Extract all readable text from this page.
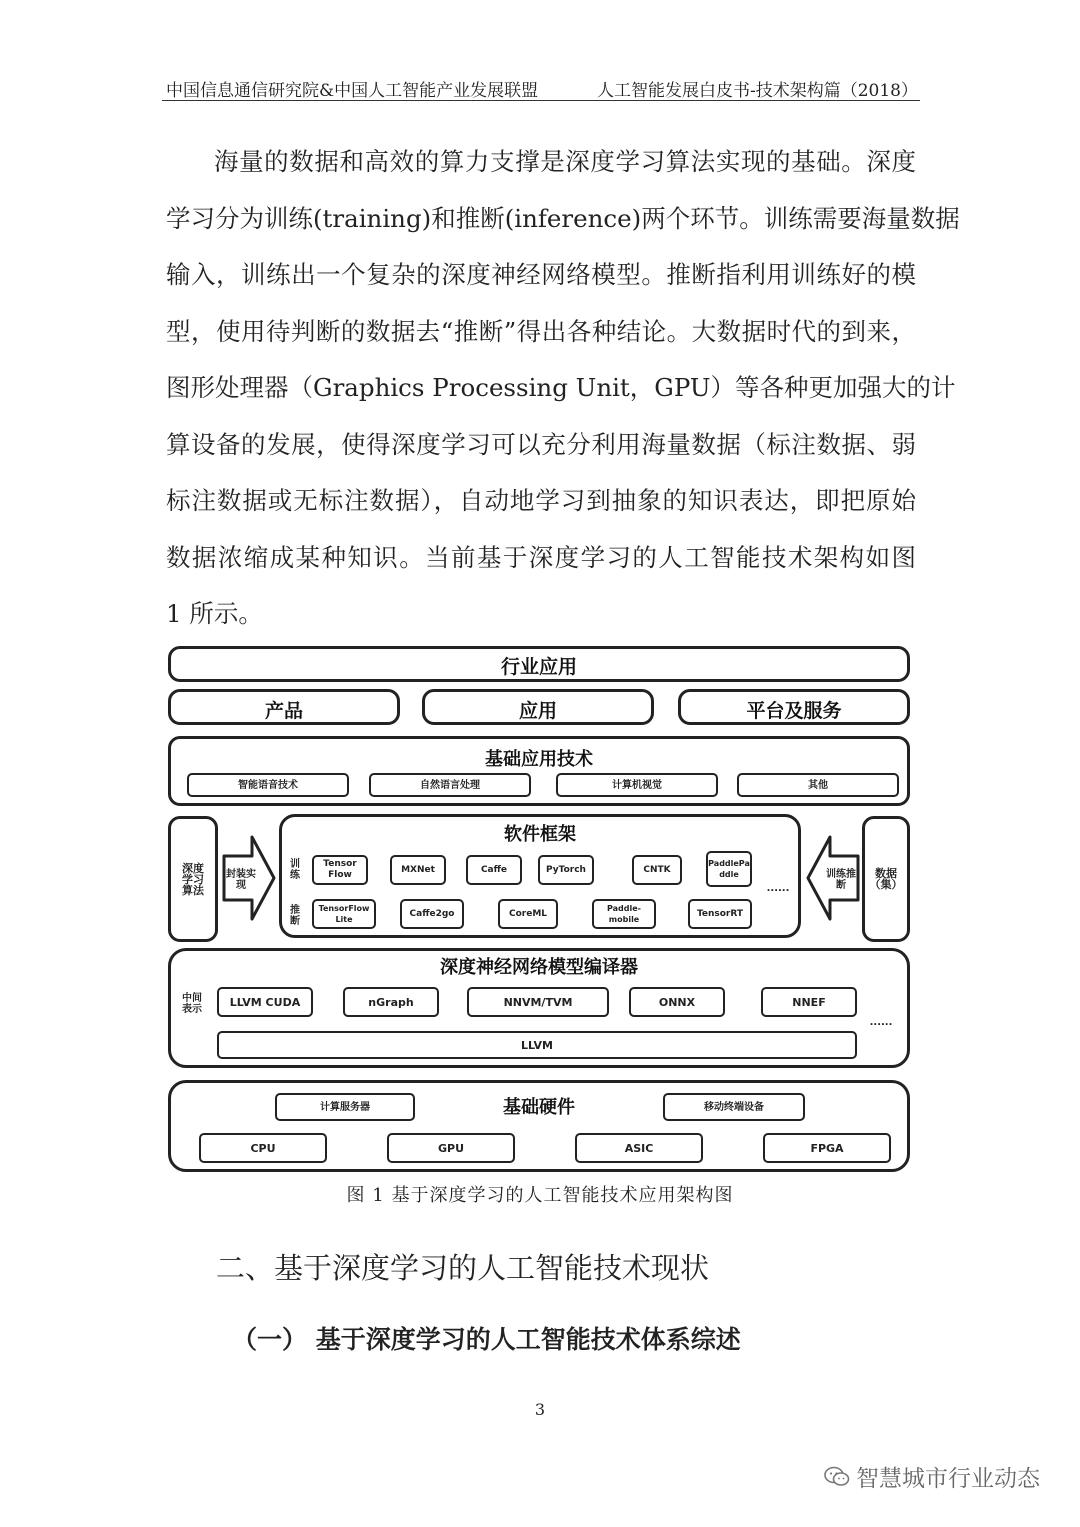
中国信息通信研究院&中国人工智能产业发展联盟	人工智能发展白皮书-技术架构篇（2018）

海量的数据和高效的算力支撑是深度学习算法实现的基础。深度

学习分为训练(training)和推断(inference)两个环节。训练需要海量数据

输入，训练出一个复杂的深度神经网络模型。推断指利用训练好的模

型，使用待判断的数据去“推断”得出各种结论。大数据时代的到来，

图形处理器（Graphics Processing Unit，GPU）等各种更加强大的计

算设备的发展，使得深度学习可以充分利用海量数据（标注数据、弱

标注数据或无标注数据），自动地学习到抽象的知识表达，即把原始

数据浓缩成某种知识。当前基于深度学习的人工智能技术架构如图

1 所示。

行业应用
产品	应用	平台及服务
基础应用技术
智能语音技术	自然语言处理	计算机视觉	其他
深度学习算法
封装实现
软件框架
训练
推断
Tensor Flow
MXNet	Caffe	PyTorch	CNTK
PaddlePaddle
TensorFlow Lite
Caffe2go	CoreML	Paddle-mobile
TensorRT
......
训练推断
数据（集）
深度神经网络模型编译器
中间表示
LLVM CUDA	nGraph	NNVM/TVM	ONNX	NNEF
......
LLVM
基础硬件
计算服务器	移动终端设备
CPU	GPU	ASIC	FPGA
图 1 基于深度学习的人工智能技术应用架构图
二、基于深度学习的人工智能技术现状
（一） 基于深度学习的人工智能技术体系综述
3
智慧城市行业动态
